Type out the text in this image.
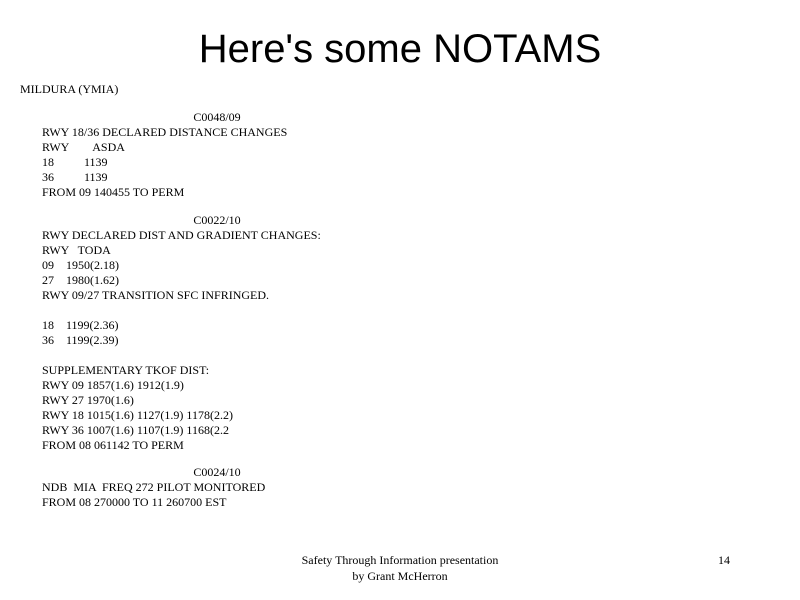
Here's some NOTAMS
MILDURA (YMIA)
C0048/09
RWY 18/36 DECLARED DISTANCE CHANGES
RWY        ASDA
18          1139
36          1139
FROM 09 140455 TO PERM
C0022/10
RWY DECLARED DIST AND GRADIENT CHANGES:
RWY   TODA
09    1950(2.18)
27    1980(1.62)
RWY 09/27 TRANSITION SFC INFRINGED.

18    1199(2.36)
36    1199(2.39)

SUPPLEMENTARY TKOF DIST:
RWY 09 1857(1.6) 1912(1.9)
RWY 27 1970(1.6)
RWY 18 1015(1.6) 1127(1.9) 1178(2.2)
RWY 36 1007(1.6) 1107(1.9) 1168(2.2
FROM 08 061142 TO PERM
C0024/10
NDB  MIA  FREQ 272 PILOT MONITORED
FROM 08 270000 TO 11 260700 EST
Safety Through Information presentation
by Grant McHerron
14
